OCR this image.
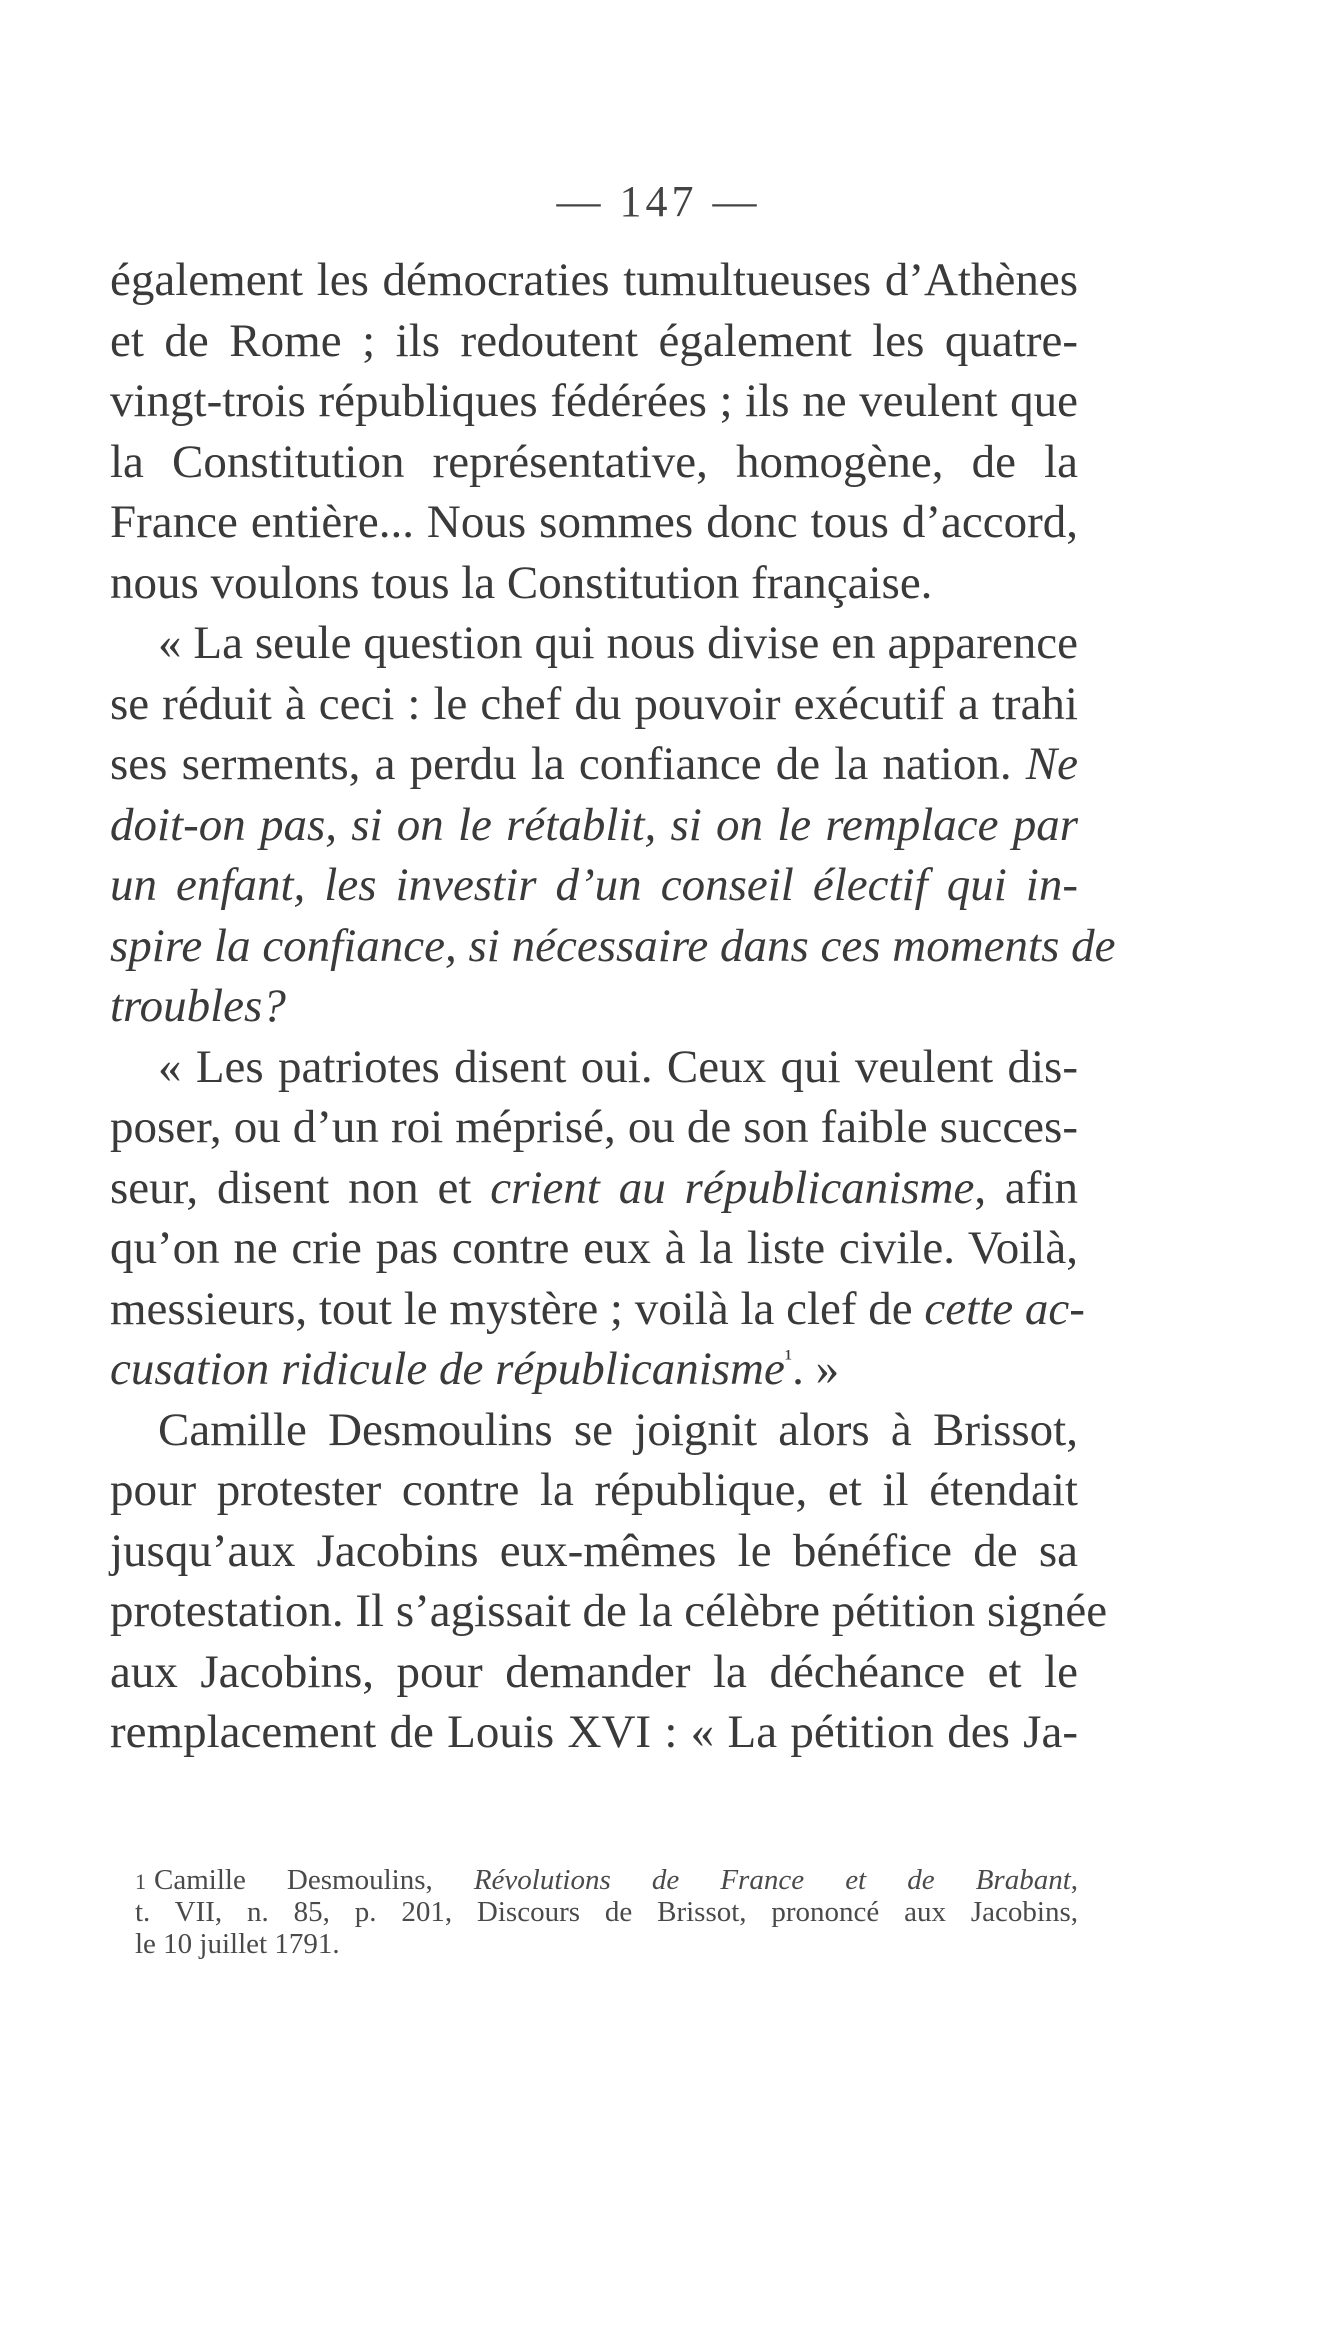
— 147 —
également les démocraties tumultueuses d’Athènes
et de Rome ; ils redoutent également les quatre-
vingt-trois républiques fédérées ; ils ne veulent que
la Constitution représentative, homogène, de la
France entière... Nous sommes donc tous d’accord,
nous voulons tous la Constitution française.
« La seule question qui nous divise en apparence
se réduit à ceci : le chef du pouvoir exécutif a trahi
ses serments, a perdu la confiance de la nation. Ne
doit-on pas, si on le rétablit, si on le remplace par
un enfant, les investir d’un conseil électif qui in-
spire la confiance, si nécessaire dans ces moments de
troubles?
« Les patriotes disent oui. Ceux qui veulent dis-
poser, ou d’un roi méprisé, ou de son faible succes-
seur, disent non et crient au républicanisme, afin
qu’on ne crie pas contre eux à la liste civile. Voilà,
messieurs, tout le mystère ; voilà la clef de cette ac-
cusation ridicule de républicanisme$^{^1}$. »
Camille Desmoulins se joignit alors à Brissot,
pour protester contre la république, et il étendait
jusqu’aux Jacobins eux-mêmes le bénéfice de sa
protestation. Il s’agissait de la célèbre pétition signée
aux Jacobins, pour demander la déchéance et le
remplacement de Louis XVI : « La pétition des Ja-
1 Camille Desmoulins, Révolutions de France et de Brabant,
t. VII, n. 85, p. 201, Discours de Brissot, prononcé aux Jacobins,
le 10 juillet 1791.
